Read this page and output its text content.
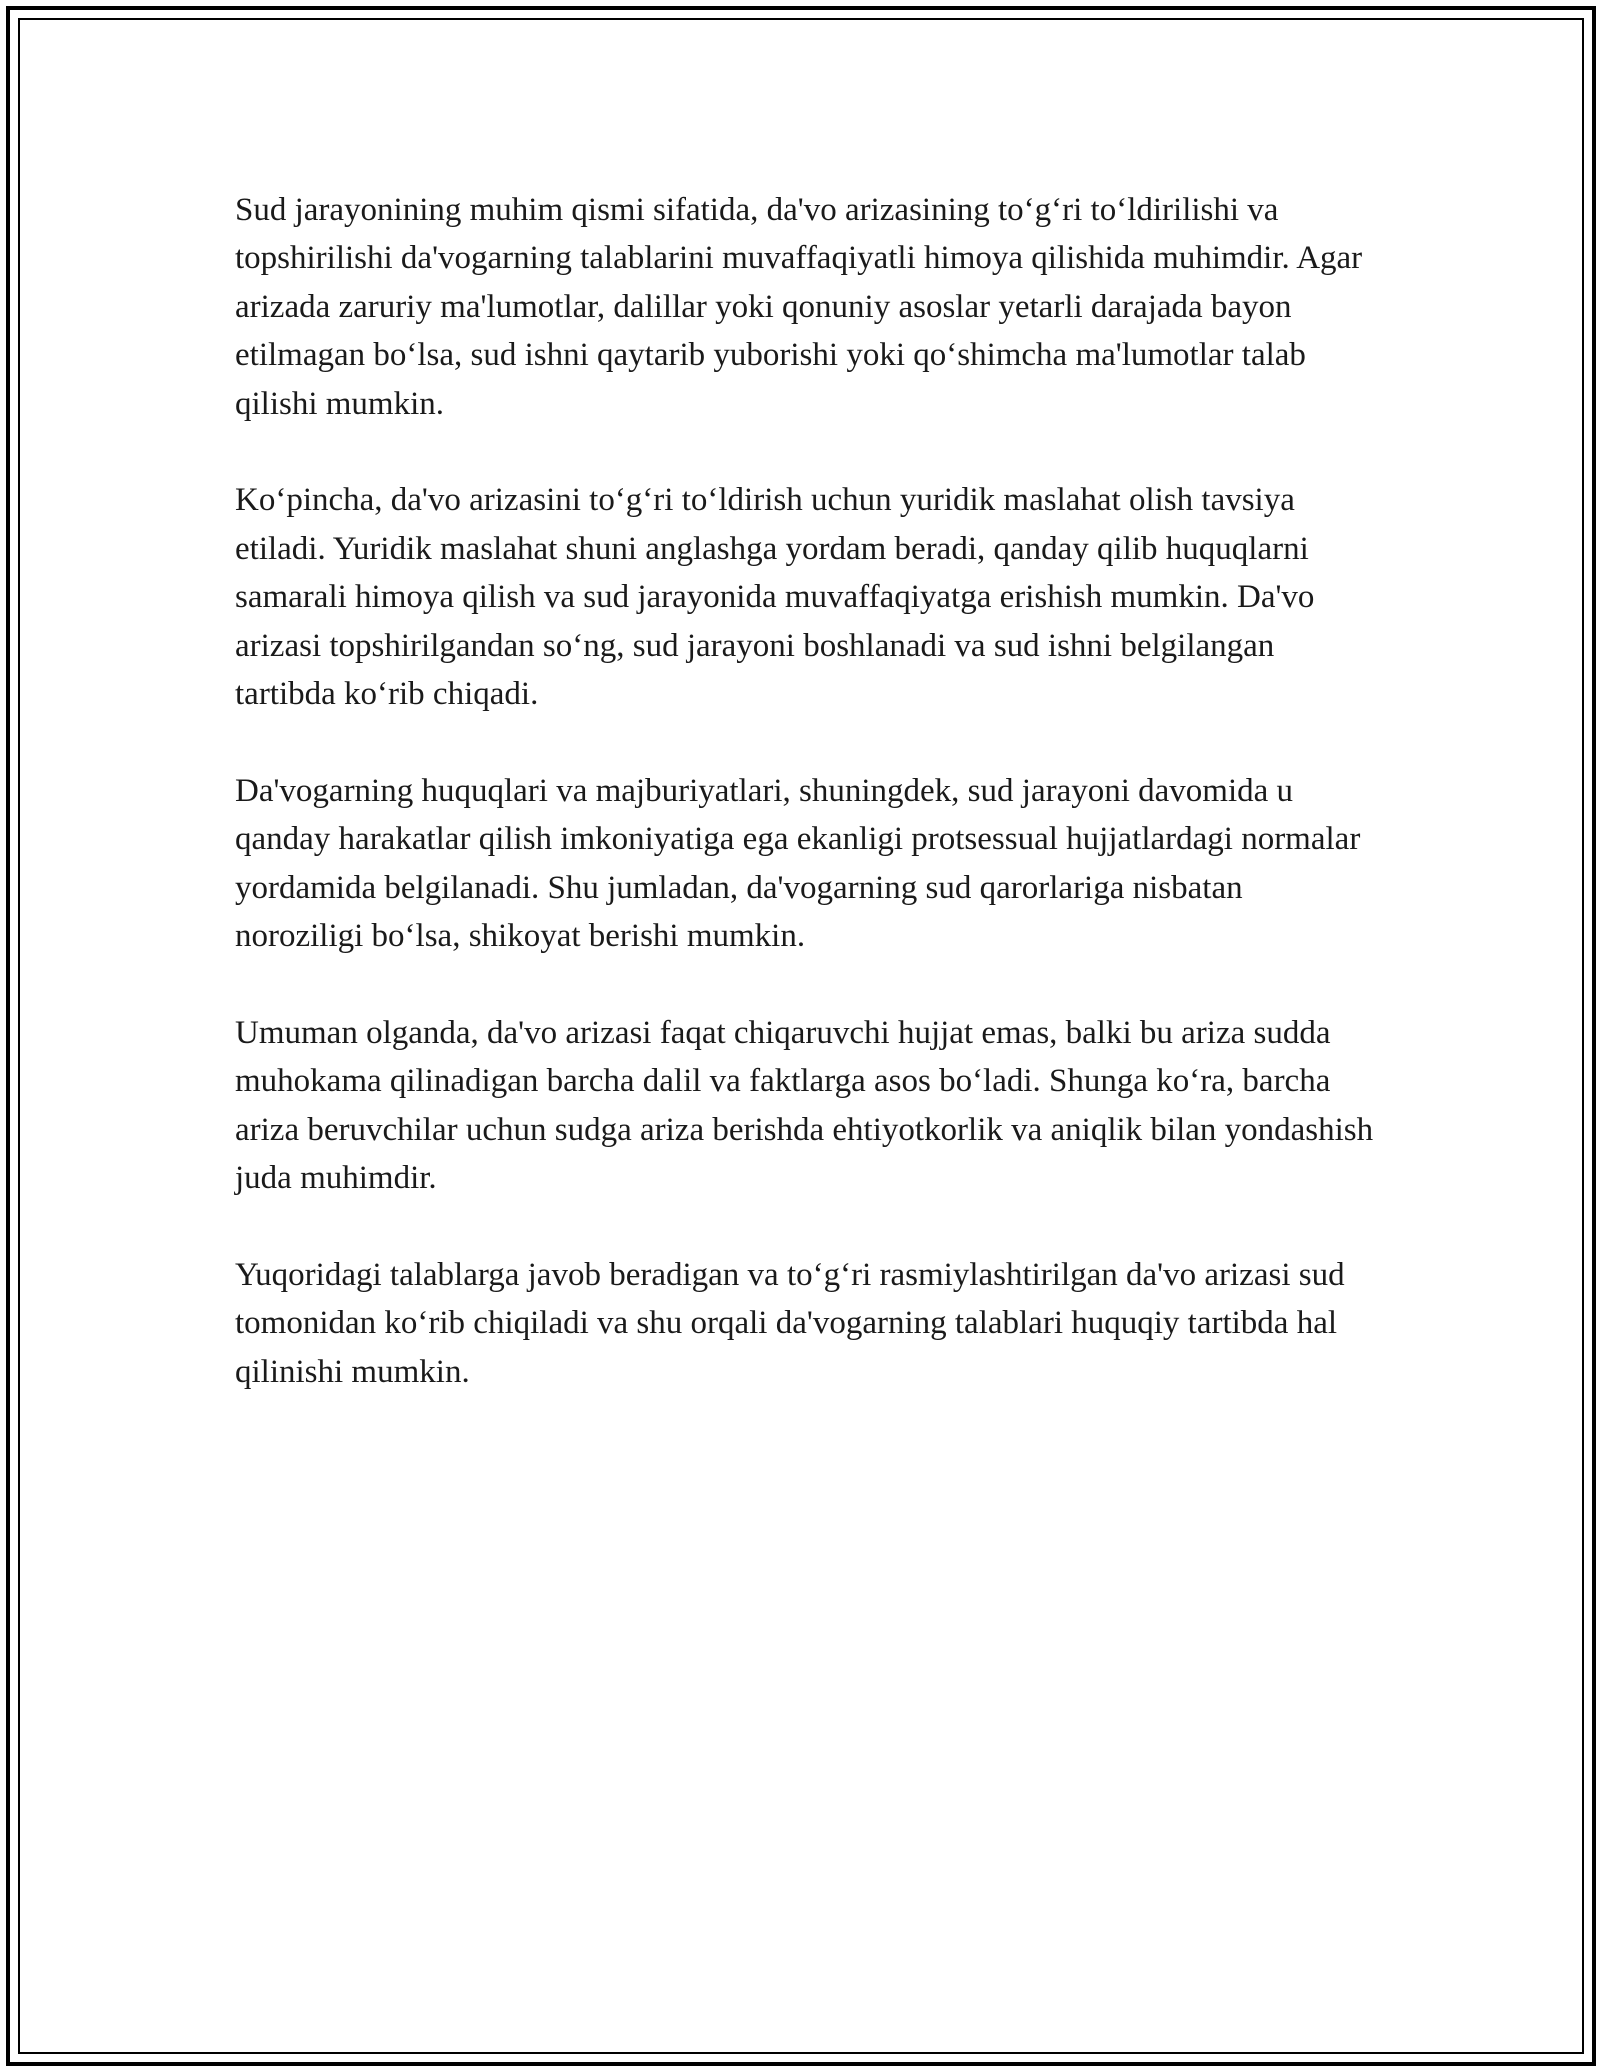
Sud jarayonining muhim qismi sifatida, da'vo arizasining to‘g‘ri to‘ldirilishi va topshirilishi da'vogarning talablarini muvaffaqiyatli himoya qilishida muhimdir. Agar arizada zaruriy ma'lumotlar, dalillar yoki qonuniy asoslar yetarli darajada bayon etilmagan bo‘lsa, sud ishni qaytarib yuborishi yoki qo‘shimcha ma'lumotlar talab qilishi mumkin.

Ko‘pincha, da'vo arizasini to‘g‘ri to‘ldirish uchun yuridik maslahat olish tavsiya etiladi. Yuridik maslahat shuni anglashga yordam beradi, qanday qilib huquqlarni samarali himoya qilish va sud jarayonida muvaffaqiyatga erishish mumkin. Da'vo arizasi topshirilgandan so‘ng, sud jarayoni boshlanadi va sud ishni belgilangan tartibda ko‘rib chiqadi.

Da'vogarning huquqlari va majburiyatlari, shuningdek, sud jarayoni davomida u qanday harakatlar qilish imkoniyatiga ega ekanligi protsessual hujjatlardagi normalar yordamida belgilanadi. Shu jumladan, da'vogarning sud qarorlariga nisbatan noroziligi bo‘lsa, shikoyat berishi mumkin.

Umuman olganda, da'vo arizasi faqat chiqaruvchi hujjat emas, balki bu ariza sudda muhokama qilinadigan barcha dalil va faktlarga asos bo‘ladi. Shunga ko‘ra, barcha ariza beruvchilar uchun sudga ariza berishda ehtiyotkorlik va aniqlik bilan yondashish juda muhimdir.

Yuqoridagi talablarga javob beradigan va to‘g‘ri rasmiylashtirilgan da'vo arizasi sud tomonidan ko‘rib chiqiladi va shu orqali da'vogarning talablari huquqiy tartibda hal qilinishi mumkin.
